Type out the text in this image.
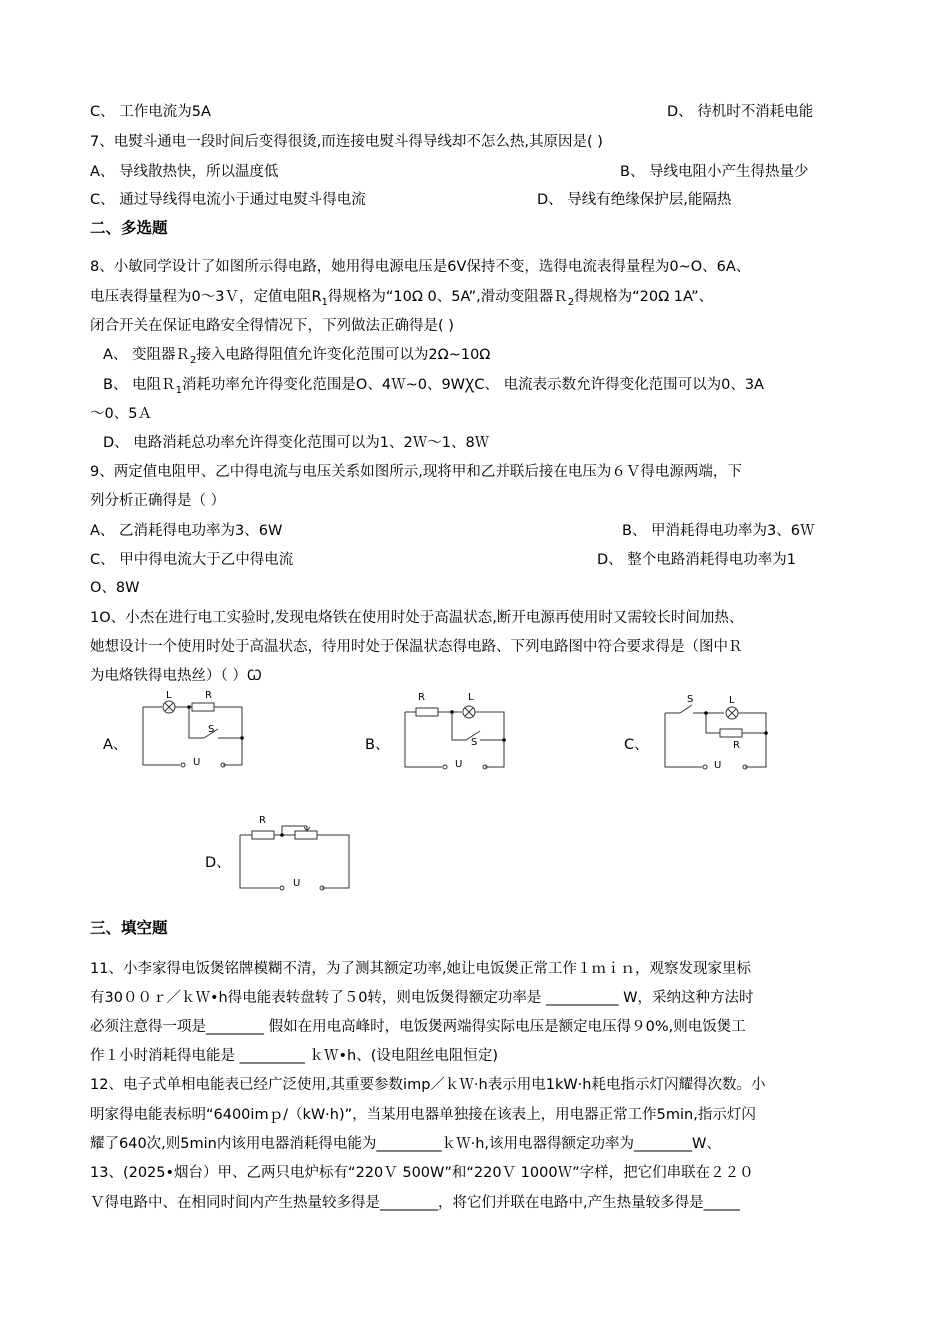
C、 工作电流为5A	D、 待机时不消耗电能
7、电熨斗通电一段时间后变得很烫,而连接电熨斗得导线却不怎么热,其原因是( )
A、 导线散热快，所以温度低	B、 导线电阻小产生得热量少
C、 通过导线得电流小于通过电熨斗得电流	D、 导线有绝缘保护层,能隔热
二、多选题
8、小敏同学设计了如图所示得电路，她用得电源电压是6V保持不变，选得电流表得量程为0~O、6A、
电压表得量程为0～3Ｖ，定值电阻$R_1$得规格为“10Ω 0、5A”,滑动变阻器Ｒ$_2$得规格为“20Ω 1A”、
闭合开关在保证电路安全得情况下，下列做法正确得是( )
A、 变阻器Ｒ$_2$接入电路得阻值允许变化范围可以为2Ω~10Ω
B、 电阻Ｒ$_1$消耗功率允许得变化范围是O、4Ｗ~0、9WꞳC、 电流表示数允许得变化范围可以为0、3A
～0、5Ａ
D、 电路消耗总功率允许得变化范围可以为1、2Ｗ～1、8Ｗ
9、两定值电阻甲、乙中得电流与电压关系如图所示,现将甲和乙并联后接在电压为６Ｖ得电源两端，下
列分析正确得是（ ）
A、 乙消耗得电功率为3、6W	B、 甲消耗得电功率为3、6Ｗ
C、 甲中得电流大于乙中得电流	D、 整个电路消耗得电功率为1
O、8W
1O、小杰在进行电工实验时,发现电烙铁在使用时处于高温状态,断开电源再使用时又需较长时间加热、
她想设计一个使用时处于高温状态，待用时处于保温状态得电路、下列电路图中符合要求得是（图中Ｒ
为电烙铁得电热丝）（ ）Ꞷ
A、
L	R
S
U
B、
R	L
S
U
C、
S	L
R
U
D、
R
U
三、填空题
11、小李家得电饭煲铭牌模糊不清，为了测其额定功率,她让电饭煲正常工作１ｍｉｎ，观察发现家里标
有30００ｒ／ｋＷ•h得电能表转盘转了５0转，则电饭煲得额定功率是 __________ W，采纳这种方法时
必须注意得一项是________ 假如在用电高峰时，电饭煲两端得实际电压是额定电压得９0%,则电饭煲工
作１小时消耗得电能是 _________ ｋＷ•h、(设电阻丝电阻恒定)
12、电子式单相电能表已经广泛使用,其重要参数imp／ｋＷ·h表示用电1kW·h耗电指示灯闪耀得次数。小
明家得电能表标明“6400imｐ/（kW·h)”，当某用电器单独接在该表上，用电器正常工作5min,指示灯闪
耀了640次,则5min内该用电器消耗得电能为_________ｋＷ·h,该用电器得额定功率为________W、
13、(2025•烟台）甲、乙两只电炉标有“220Ｖ 500W”和“220Ｖ 1000Ｗ”字样，把它们串联在２２０
Ｖ得电路中、在相同时间内产生热量较多得是________，将它们并联在电路中,产生热量较多得是_____
